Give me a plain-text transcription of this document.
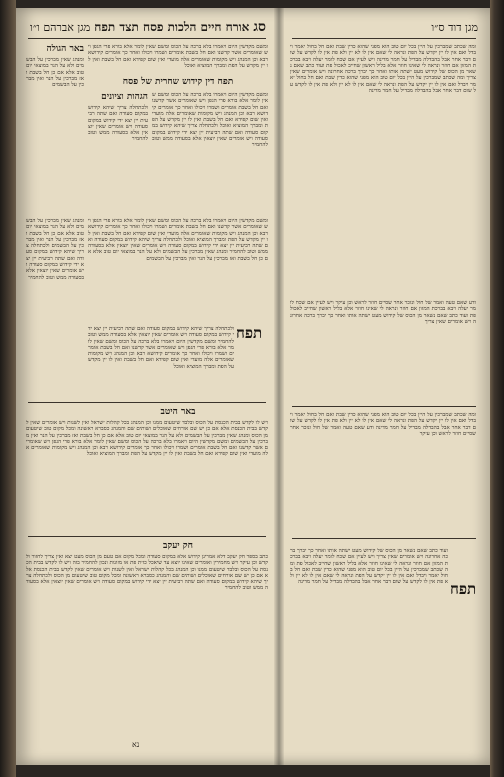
סג
אורח חיים הלכות פסח תצד תפח
מגן אברהם ו״ו
באר הגולה
ומנהג שאין מברכין על הבשמים ולא על הנר במוצאי יום טוב אלא אם כן חל בשבת ואז מברכין על הנר ואין מברכין על הבשמים
ומשם מקדשין היום ויאמרו בלא ברכה על הכוס ומשם שאין לומר אלא בורא פרי הגפן ויש שאומרים אשר קדשנו ואם חל בשבת אומרים ושמרו ויכולו ואחר כך אומרים קידושא רבא וכן המנהג ויש מקומות שאומרים אלה מועדי ואין שום קפידא ואם חל בשבת ואין לו יין מקדש על הפת ומברך המוציא ואוכל
תפח דין קידוש שחרית של פסח
ומשם מקדשין היום ויאמרו בלא ברכה על הכוס ומשם שאין לומר אלא בורא פרי הגפן ויש שאומרים אשר קדשנו ואם חל בשבת אומרים ושמרו ויכולו ואחר כך אומרים קידושא רבא וכן המנהג ויש מקומות שאומרים אלה מועדי ואין שום קפידא ואם חל בשבת ואין לו יין מקדש על הפת ומברך המוציא ואוכל ולכתחלה צריך שיהא קידוש במקום סעודה ואם שתה רביעית יין יצא ידי קידוש במקום סעודה ויש אומרים שאין יוצאין אלא בסעודה ממש וטוב להחמיר
הגהות וציונים
ולכתחלה צריך שיהא קידוש במקום סעודה ואם שתה רביעית יין יצא ידי קידוש במקום סעודה ויש אומרים שאין יוצאין אלא בסעודה ממש וטוב להחמיר
ומנהג שאין מברכין על הבשמים ולא על הנר במוצאי יום טוב אלא אם כן חל בשבת ואז מברכין על הנר ואין מברכין על הבשמים ולכתחלה צריך שיהא קידוש במקום סעודה ואם שתה רביעית יין יצא ידי קידוש במקום סעודה ויש אומרים שאין יוצאין אלא בסעודה ממש וטוב להחמיר
ומשם מקדשין היום ויאמרו בלא ברכה על הכוס ומשם שאין לומר אלא בורא פרי הגפן ויש שאומרים אשר קדשנו ואם חל בשבת אומרים ושמרו ויכולו ואחר כך אומרים קידושא רבא וכן המנהג ויש מקומות שאומרים אלה מועדי ואין שום קפידא ואם חל בשבת ואין לו יין מקדש על הפת ומברך המוציא ואוכל ולכתחלה צריך שיהא קידוש במקום סעודה ואם שתה רביעית יין יצא ידי קידוש במקום סעודה ויש אומרים שאין יוצאין אלא בסעודה ממש וטוב להחמיר ומנהג שאין מברכין על הבשמים ולא על הנר במוצאי יום טוב אלא אם כן חל בשבת ואז מברכין על הנר ואין מברכין על הבשמים
תפח
ולכתחלה צריך שיהא קידוש במקום סעודה ואם שתה רביעית יין יצא ידי קידוש במקום סעודה ויש אומרים שאין יוצאין אלא בסעודה ממש וטוב להחמיר ומשם מקדשין היום ויאמרו בלא ברכה על הכוס ומשם שאין לומר אלא בורא פרי הגפן ויש שאומרים אשר קדשנו ואם חל בשבת אומרים ושמרו ויכולו ואחר כך אומרים קידושא רבא וכן המנהג ויש מקומות שאומרים אלה מועדי ואין שום קפידא ואם חל בשבת ואין לו יין מקדש על הפת ומברך המוציא ואוכל
באר היטב
ויש לו לקדש בבית הכנסת על הכוס ובלבד שיטעום ממנו וכן המנהג בכל קהלות ישראל ואין לשנות ויש אומרים שאין לקדש בבית הכנסת אלא אם כן יש שם אורחים שאוכלים ושותים שם והמנהג כסברא ראשונה ומכל מקום טוב שיטעום מן הכוס ומנהג שאין מברכין על הבשמים ולא על הנר במוצאי יום טוב אלא אם כן חל בשבת ואז מברכין על הנר ואין מברכין על הבשמים ומשם מקדשין היום ויאמרו בלא ברכה על הכוס ומשם שאין לומר אלא בורא פרי הגפן ויש שאומרים אשר קדשנו ואם חל בשבת אומרים ושמרו ויכולו ואחר כך אומרים קידושא רבא וכן המנהג ויש מקומות שאומרים אלה מועדי ואין שום קפידא ואם חל בשבת ואין לו יין מקדש על הפת ומברך המוציא ואוכל
חק יעקב
כתב בספר חק יעקב דלא אמרינן קידוש אלא במקום סעודה ומכל מקום אם טעם מן הכוס מעט יצא ואין צריך לחזור ולקדש וכן עיקר ויש מחמירין ואומרים שאינו יוצא עד שיאכל כזית פת או מזונות ונכון להחמיר בזה ויש לו לקדש בבית הכנסת על הכוס ובלבד שיטעום ממנו וכן המנהג בכל קהלות ישראל ואין לשנות ויש אומרים שאין לקדש בבית הכנסת אלא אם כן יש שם אורחים שאוכלים ושותים שם והמנהג כסברא ראשונה ומכל מקום טוב שיטעום מן הכוס ולכתחלה צריך שיהא קידוש במקום סעודה ואם שתה רביעית יין יצא ידי קידוש במקום סעודה ויש אומרים שאין יוצאין אלא בסעודה ממש וטוב להחמיר
נא
מגן דוד ס״ו
ומה שכתב שמברכין על היין בכל יום טוב הוא מפני שהוא כדין שבת ואם חל בחול יאמר ויבדל ואם אין לו יין יקדש על הפת ונראה לי שאם אין לו לא יין ולא פת אין לו לקדש על שום דבר אחר אבל בהבדלה מבדיל על חמר מדינה ויש לעיין אם שכח לומר יעלה ויבא בברכת המזון אם חוזר ונראה לי שאינו חוזר אלא בליל ראשון שחייב לאכול פת ועוד כתב שאם נשאר מן הכוס של קידוש מעט ישתה אותו ואחר כך יברך ברכה אחרונה ויש אומרים שאין צריך ומה שכתב שמברכין על היין בכל יום טוב הוא מפני שהוא כדין שבת ואם חל בחול יאמר ויבדל ואם אין לו יין יקדש על הפת ונראה לי שאם אין לו לא יין ולא פת אין לו לקדש על שום דבר אחר אבל בהבדלה מבדיל על חמר מדינה
ודע שאם טעה ואמר של חול ונזכר אחר שסיים חוזר לראש וכן עיקר ויש לעיין אם שכח לומר יעלה ויבא בברכת המזון אם חוזר ונראה לי שאינו חוזר אלא בליל ראשון שחייב לאכול פת ועוד כתב שאם נשאר מן הכוס של קידוש מעט ישתה אותו ואחר כך יברך ברכה אחרונה ויש אומרים שאין צריך
ומה שכתב שמברכין על היין בכל יום טוב הוא מפני שהוא כדין שבת ואם חל בחול יאמר ויבדל ואם אין לו יין יקדש על הפת ונראה לי שאם אין לו לא יין ולא פת אין לו לקדש על שום דבר אחר אבל בהבדלה מבדיל על חמר מדינה ודע שאם טעה ואמר של חול ונזכר אחר שסיים חוזר לראש וכן עיקר
תפח
ועוד כתב שאם נשאר מן הכוס של קידוש מעט ישתה אותו ואחר כך יברך ברכה אחרונה ויש אומרים שאין צריך ויש לעיין אם שכח לומר יעלה ויבא בברכת המזון אם חוזר ונראה לי שאינו חוזר אלא בליל ראשון שחייב לאכול פת ומה שכתב שמברכין על היין בכל יום טוב הוא מפני שהוא כדין שבת ואם חל בחול יאמר ויבדל ואם אין לו יין יקדש על הפת ונראה לי שאם אין לו לא יין ולא פת אין לו לקדש על שום דבר אחר אבל בהבדלה מבדיל על חמר מדינה
